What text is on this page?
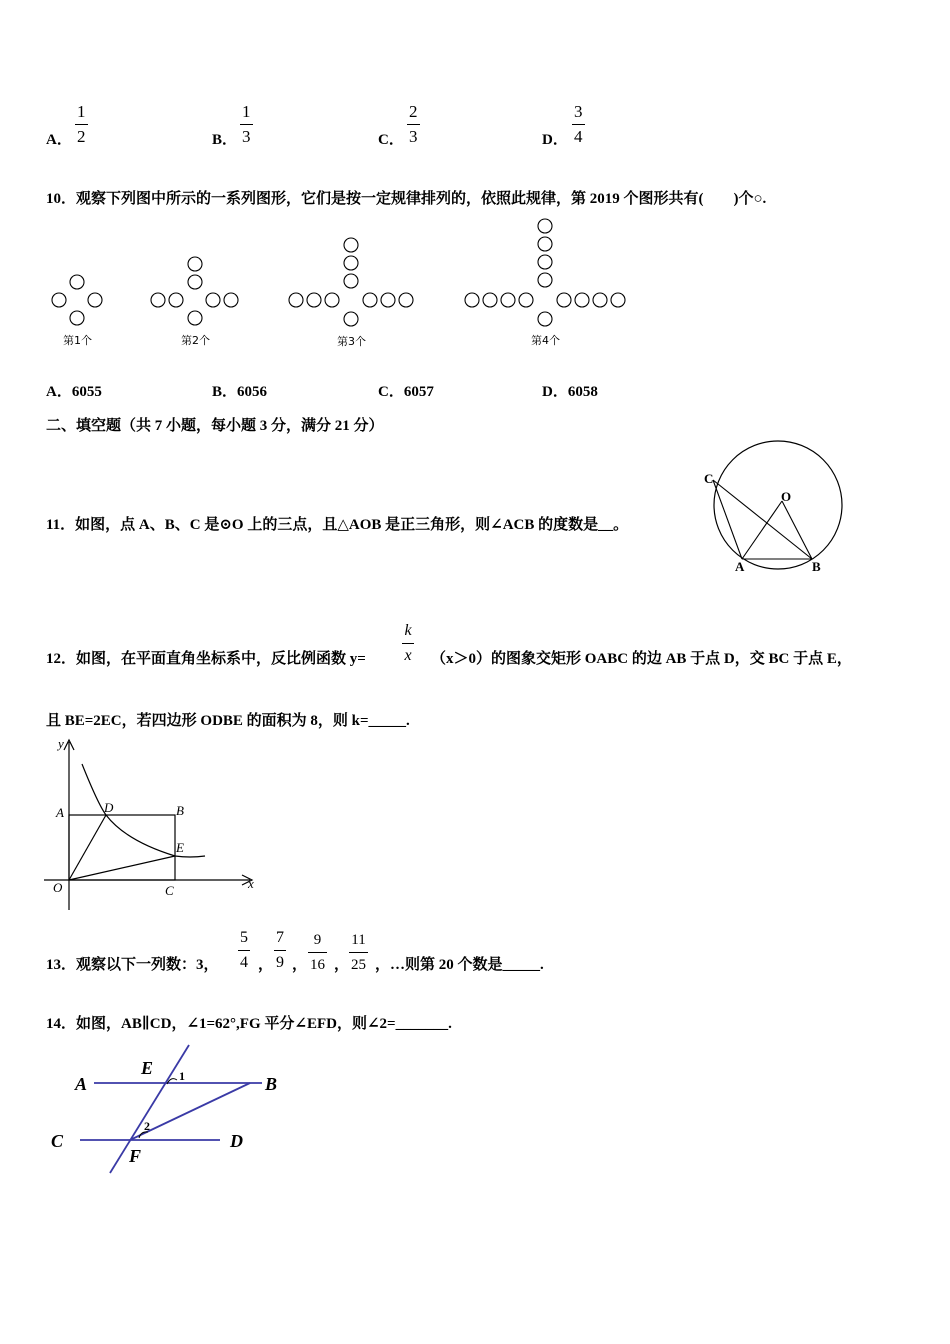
A．
1
2	B．
1
3	C．
2
3	D．
3
4
10．观察下列图中所示的一系列图形，它们是按一定规律排列的，依照此规律，第 2019 个图形共有(　　)个○.
第1个	第2个	第3个	第4个
A．6055	B．6056	C．6057	D．6058
二、填空题（共 7 小题，每小题 3 分，满分 21 分）
11．如图，点 A、B、C 是⊙O 上的三点，且△AOB 是正三角形，则∠ACB 的度数是__。
C
O
A	B
12．如图，在平面直角坐标系中，反比例函数 y=
k
x （x＞0）的图象交矩形 OABC 的边 AB 于点 D，交 BC 于点 E，
且 BE=2EC，若四边形 ODBE 的面积为 8，则 k=_____.
y
x
O
A	B
C
D
E
13．观察以下一列数：3，
5
4 ，
7
9 ，
9
16 ，
11
25 ，…则第 20 个数是_____.
14．如图，AB∥CD，∠1=62°,FG 平分∠EFD，则∠2=_______.
A	B
C	D
E
F
1
2
